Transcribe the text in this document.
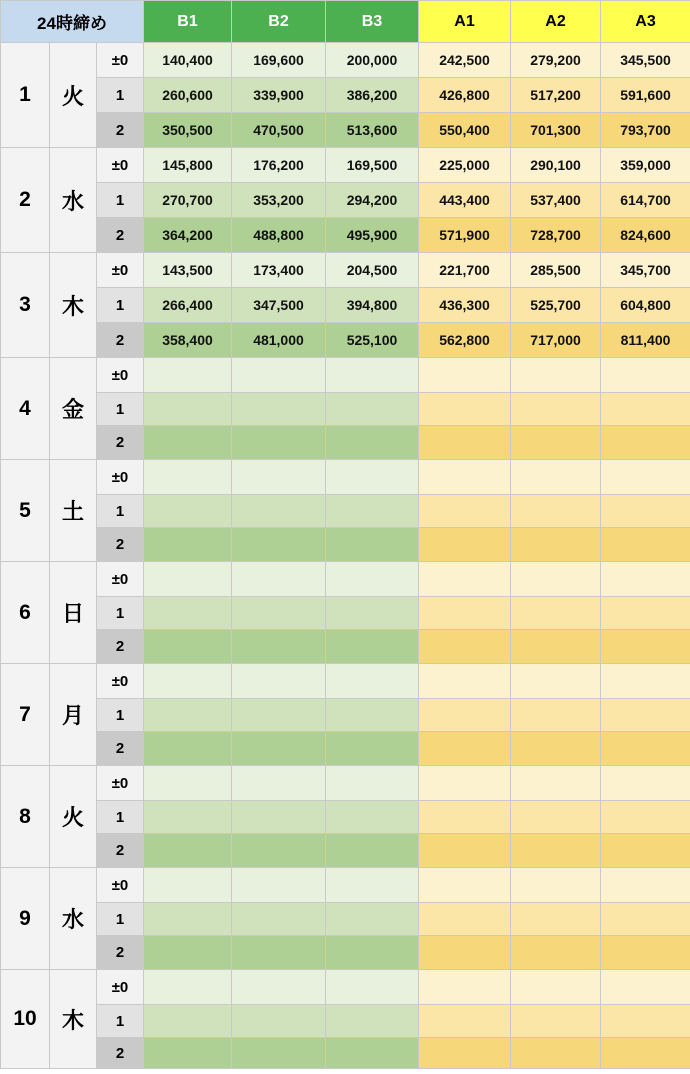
24時締め			B1	B2	B3	A1	A2	A3
1	火	±0	140,400	169,600	200,000	242,500	279,200	345,500
		1	260,600	339,900	386,200	426,800	517,200	591,600
		2	350,500	470,500	513,600	550,400	701,300	793,700
2	水	±0	145,800	176,200	169,500	225,000	290,100	359,000
		1	270,700	353,200	294,200	443,400	537,400	614,700
		2	364,200	488,800	495,900	571,900	728,700	824,600
3	木	±0	143,500	173,400	204,500	221,700	285,500	345,700
		1	266,400	347,500	394,800	436,300	525,700	604,800
		2	358,400	481,000	525,100	562,800	717,000	811,400
4	金	±0						
		1						
		2						
5	土	±0						
		1						
		2						
6	日	±0						
		1						
		2						
7	月	±0						
		1						
		2						
8	火	±0						
		1						
		2						
9	水	±0						
		1						
		2						
10	木	±0						
		1						
		2						
